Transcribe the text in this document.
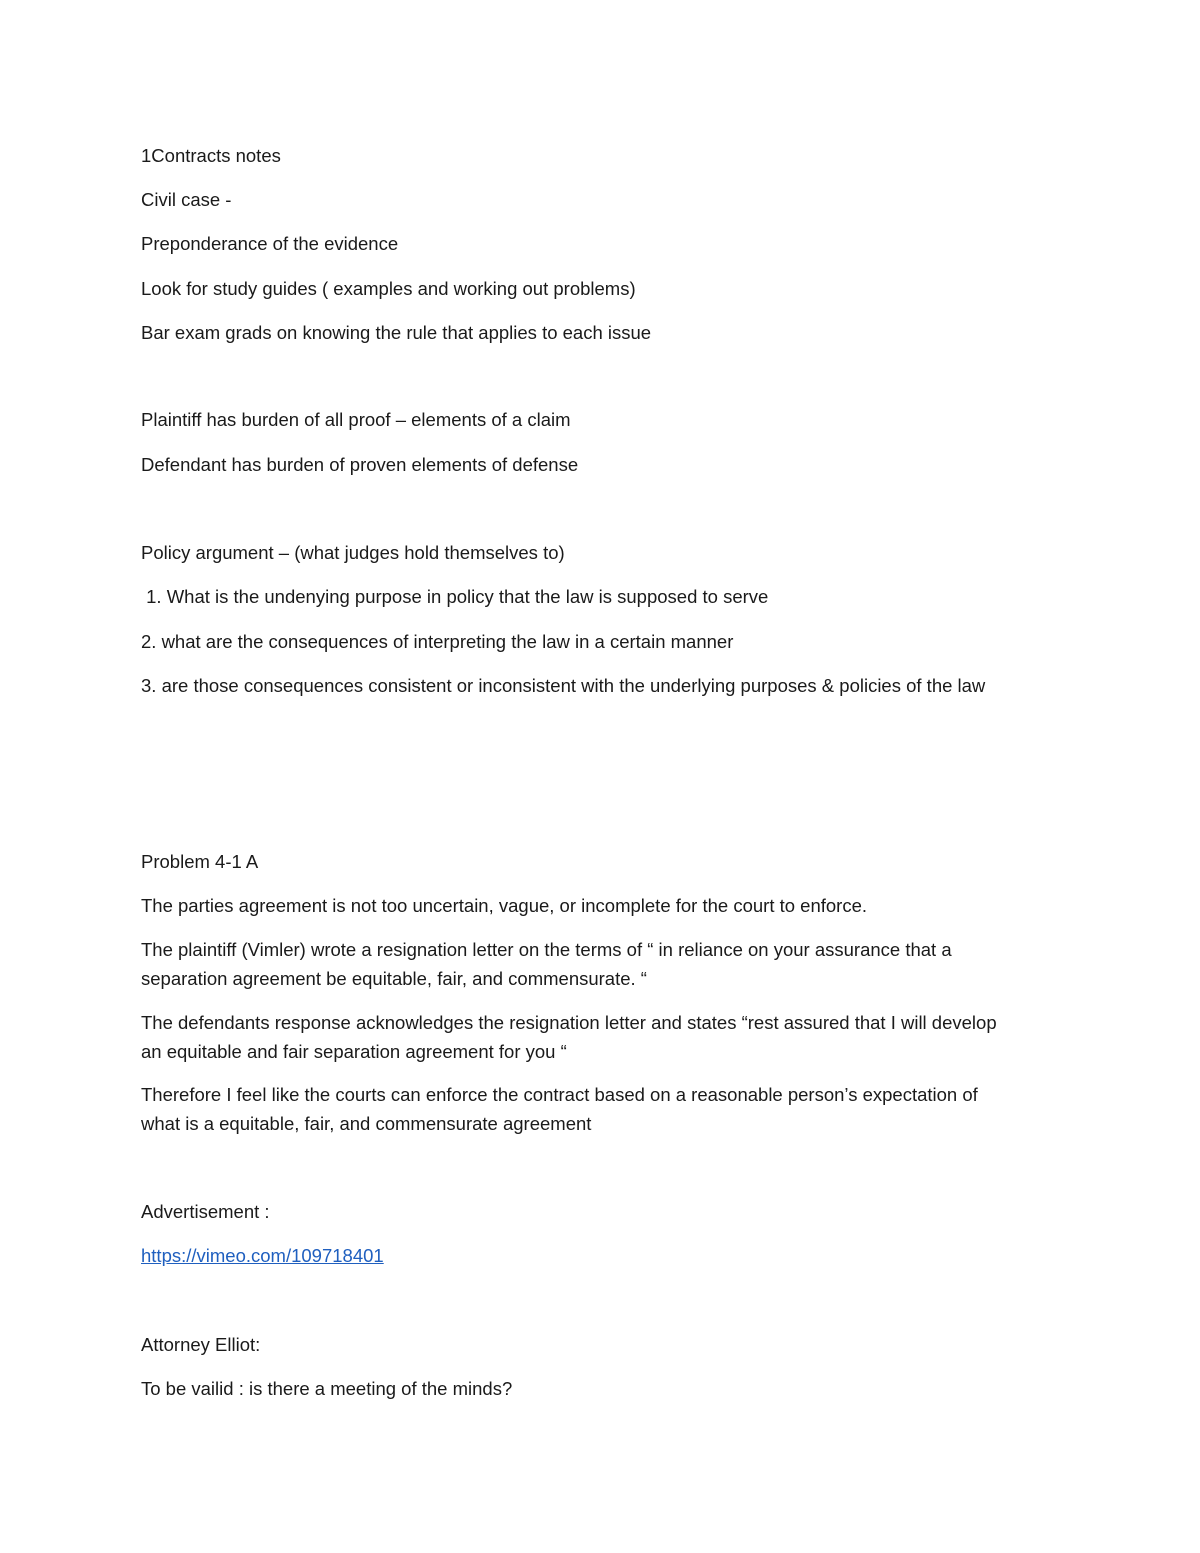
1Contracts notes
Civil case -
Preponderance of the evidence
Look for study guides ( examples and working out problems)
Bar exam grads on knowing the rule that applies to each issue
Plaintiff has burden of all proof – elements of a claim
Defendant has burden of proven elements of defense
Policy argument – (what judges hold themselves to)
1. What is the undenying purpose in policy that the law is supposed to serve
2. what are the consequences of interpreting the law in a certain manner
3. are those consequences consistent or inconsistent with the underlying purposes & policies of the law
Problem 4-1 A
The parties agreement is not too uncertain, vague, or incomplete for the court to enforce.
The plaintiff (Vimler) wrote a resignation letter on the terms of “ in reliance on your assurance that a
separation agreement be equitable, fair, and commensurate. “
The defendants response acknowledges the resignation letter and states “rest assured that I will develop
an equitable and fair separation agreement for you “
Therefore I feel like the courts can enforce the contract based on a reasonable person’s expectation of
what is a equitable, fair, and commensurate agreement
Advertisement :
https://vimeo.com/109718401
Attorney Elliot:
To be vailid : is there a meeting of the minds?
